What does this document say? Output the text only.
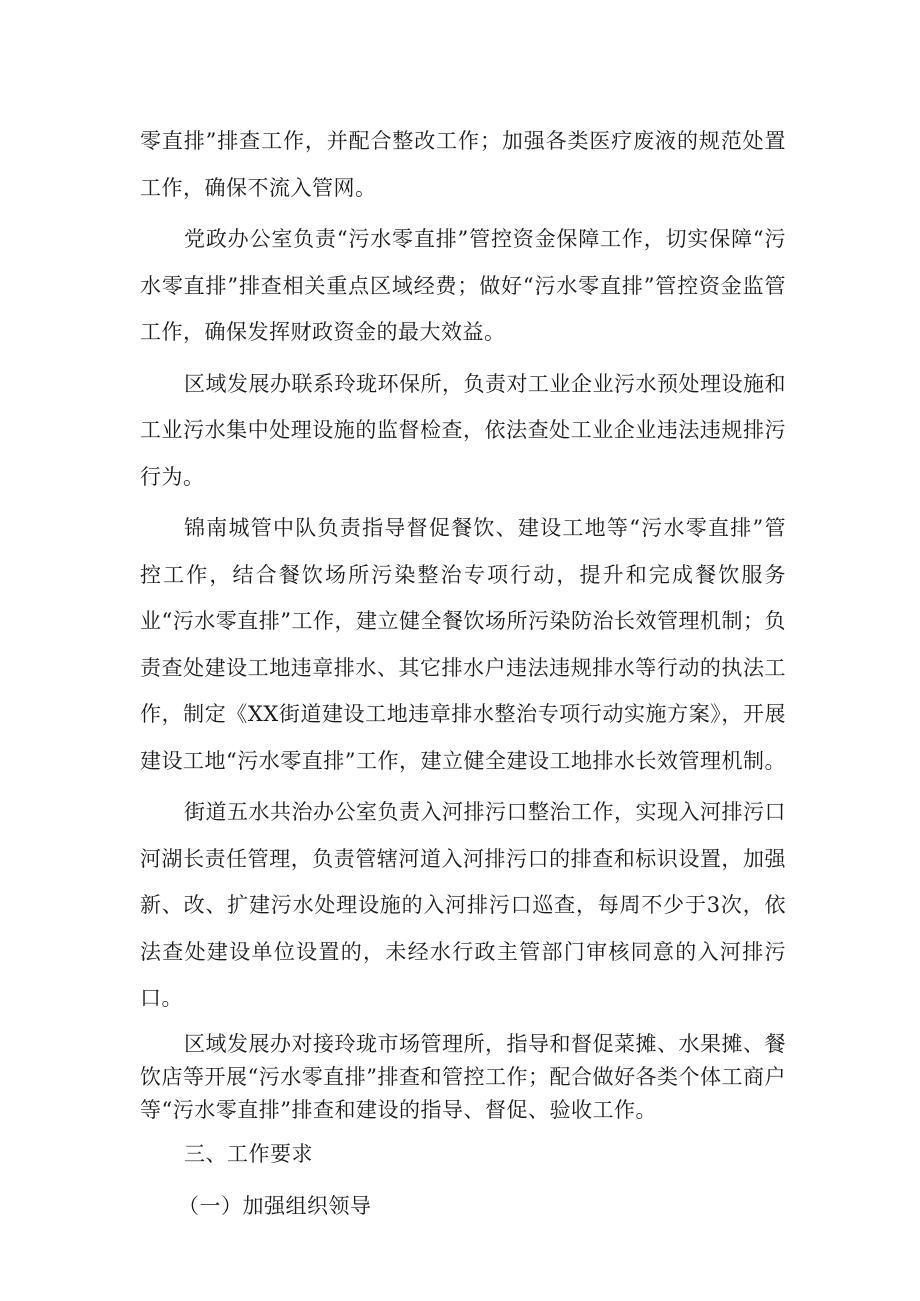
零直排”排查工作，并配合整改工作；加强各类医疗废液的规范处置工作，确保不流入管网。

党政办公室负责“污水零直排”管控资金保障工作，切实保障“污水零直排”排查相关重点区域经费；做好“污水零直排”管控资金监管工作，确保发挥财政资金的最大效益。

区域发展办联系玲珑环保所，负责对工业企业污水预处理设施和工业污水集中处理设施的监督检查，依法查处工业企业违法违规排污行为。

锦南城管中队负责指导督促餐饮、建设工地等“污水零直排”管控工作，结合餐饮场所污染整治专项行动，提升和完成餐饮服务业“污水零直排”工作，建立健全餐饮场所污染防治长效管理机制；负责查处建设工地违章排水、其它排水户违法违规排水等行动的执法工作，制定《XX街道建设工地违章排水整治专项行动实施方案》，开展建设工地“污水零直排”工作，建立健全建设工地排水长效管理机制。

街道五水共治办公室负责入河排污口整治工作，实现入河排污口河湖长责任管理，负责管辖河道入河排污口的排查和标识设置，加强新、改、扩建污水处理设施的入河排污口巡查，每周不少于3次，依法查处建设单位设置的，未经水行政主管部门审核同意的入河排污口。

区域发展办对接玲珑市场管理所，指导和督促菜摊、水果摊、餐饮店等开展“污水零直排”排查和管控工作；配合做好各类个体工商户等“污水零直排”排查和建设的指导、督促、验收工作。

三、工作要求

（一）加强组织领导
